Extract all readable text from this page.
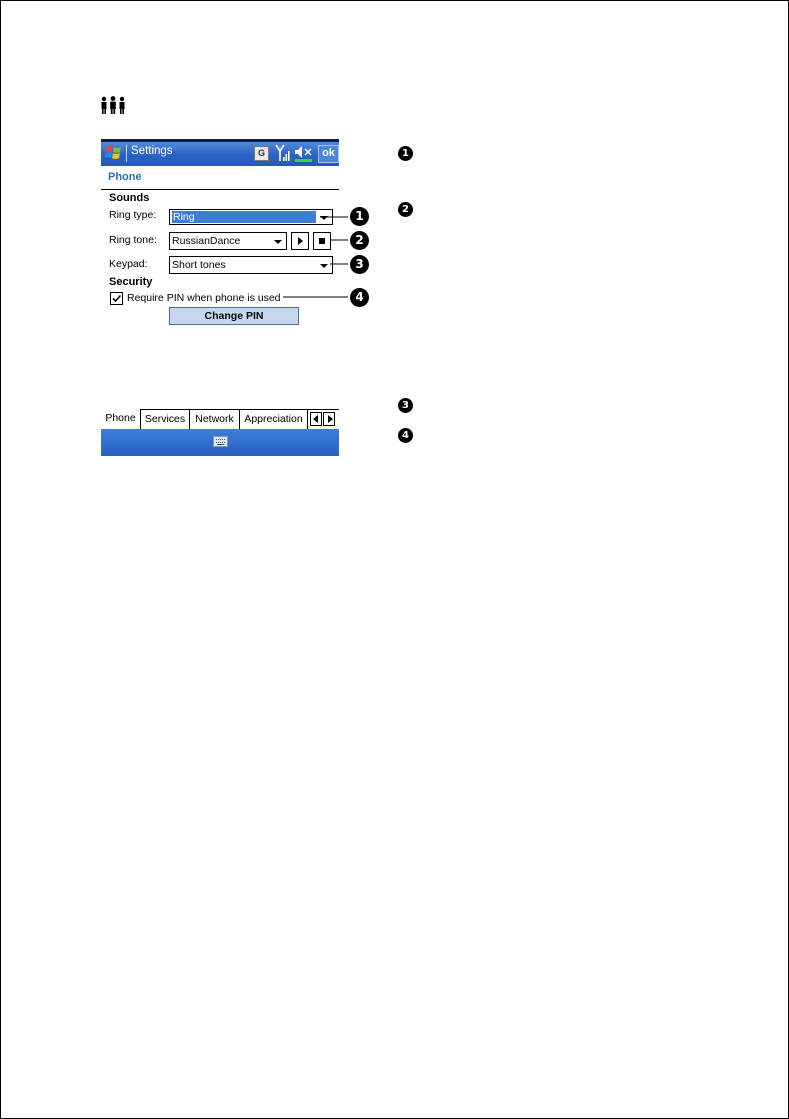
Settings	G	ok
Phone
Sounds
Ring type: Ring
Ring tone: RussianDance
Keypad: Short tones
Security
Require PIN when phone is used
Change PIN
Phone Services Network	Appreciation
1
2
3
4
1
2
3
4
